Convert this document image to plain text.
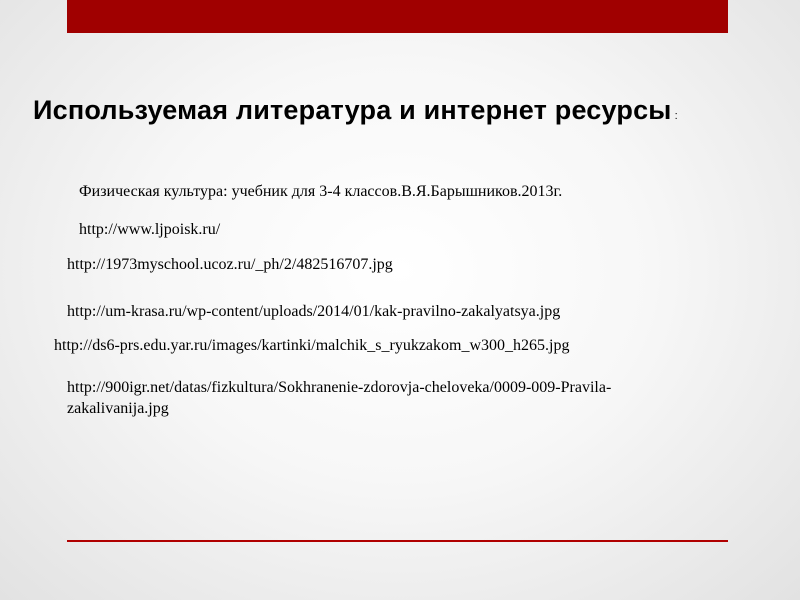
Используемая литература и интернет ресурсы :
Физическая культура: учебник для 3-4 классов.В.Я.Барышников.2013г.
http://www.ljpoisk.ru/
http://1973myschool.ucoz.ru/_ph/2/482516707.jpg
http://um-krasa.ru/wp-content/uploads/2014/01/kak-pravilno-zakalyatsya.jpg
http://ds6-prs.edu.yar.ru/images/kartinki/malchik_s_ryukzakom_w300_h265.jpg
http://900igr.net/datas/fizkultura/Sokhranenie-zdorovja-cheloveka/0009-009-Pravila-zakalivanija.jpg
